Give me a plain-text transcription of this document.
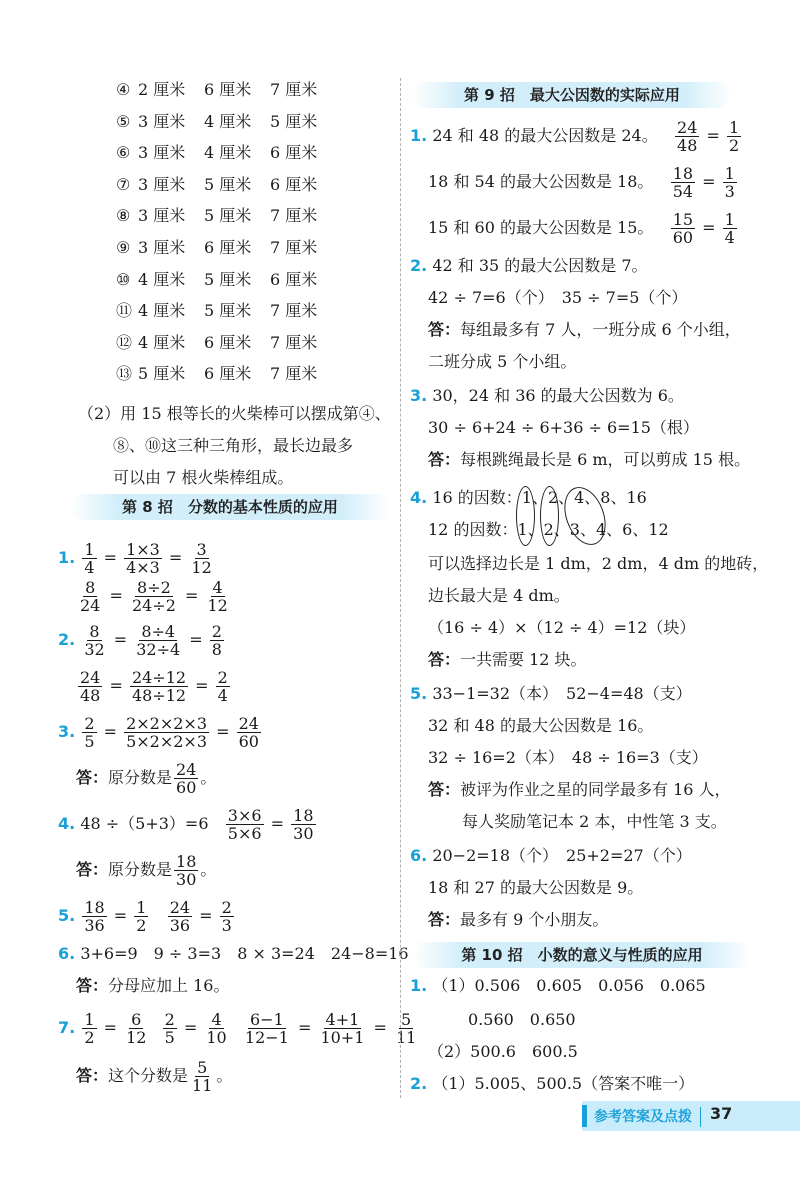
④ 2 厘米 6 厘米 7 厘米
⑤ 3 厘米 4 厘米 5 厘米
⑥ 3 厘米 4 厘米 6 厘米
⑦ 3 厘米 5 厘米 6 厘米
⑧ 3 厘米 5 厘米 7 厘米
⑨ 3 厘米 6 厘米 7 厘米
⑩ 4 厘米 5 厘米 6 厘米
⑪ 4 厘米 5 厘米 7 厘米
⑫ 4 厘米 6 厘米 7 厘米
⑬ 5 厘米 6 厘米 7 厘米
（2）用 15 根等长的火柴棒可以摆成第④、
⑧、⑩这三种三角形，最长边最多
可以由 7 根火柴棒组成。
第 8 招　分数的基本性质的应用
1. $\frac{1}{4} = \frac{1\times 3}{4\times 3} = \frac{3}{12}$
$\frac{8}{24} = \frac{8\div 2}{24\div 2} = \frac{4}{12}$
2. $\frac{8}{32} = \frac{8\div 4}{32\div 4} = \frac{2}{8}$
$\frac{24}{48} = \frac{24\div 12}{48\div 12} = \frac{2}{4}$
3. $\frac{2}{5} = \frac{2\times 2\times 2\times 3}{5\times 2\times 2\times 3} = \frac{24}{60}$
答：原分数是 $\frac{24}{60}$ 。
4. $48 \div(5+3)=6 \frac{3\times 6}{5\times 6} = \frac{18}{30}$
答：原分数是 $\frac{18}{30}$ 。
5. $\frac{18}{36} = \frac{1}{2}$
$\frac{24}{36} = \frac{2}{3}$
6. 3+6=9　9 ÷ 3=3　8 × 3=24　24−8=16
答：分母应加上 16。
7. $\frac{1}{2} = \frac{6}{12}$
$\frac{2}{5} = \frac{4}{10}$
$\frac{6-1}{12-1} = \frac{4+1}{10+1} = \frac{5}{11}$
答：这个分数是 $\frac{5}{11}$ 。
第 9 招　最大公因数的实际应用
1. 24 和 48 的最大公因数是 24。 $\frac{24}{48} = \frac{1}{2}$
18 和 54 的最大公因数是 18。 $\frac{18}{54} = \frac{1}{3}$
15 和 60 的最大公因数是 15。 $\frac{15}{60} = \frac{1}{4}$
2. 42 和 35 的最大公因数是 7。
42 ÷ 7=6（个）　35 ÷ 7=5（个）
答：每组最多有 7 人，一班分成 6 个小组，
二班分成 5 个小组。
3. 30，24 和 36 的最大公因数为 6。
30 ÷ 6+24 ÷ 6+36 ÷ 6=15（根）
答：每根跳绳最长是 6 m，可以剪成 15 根。
4. 16 的因数：1、2、4、8、16
12 的因数：1、2、3、4、6、12
可以选择边长是 1 dm，2 dm，4 dm 的地砖，
边长最大是 4 dm。
（16 ÷ 4）×（12 ÷ 4）=12（块）
答：一共需要 12 块。
5. 33−1=32（本）　52−4=48（支）
32 和 48 的最大公因数是 16。
32 ÷ 16=2（本）　48 ÷ 16=3（支）
答：被评为作业之星的同学最多有 16 人，
每人奖励笔记本 2 本，中性笔 3 支。
6. 20−2=18（个）　25+2=27（个）
18 和 27 的最大公因数是 9。
答：最多有 9 个小朋友。
第 10 招　小数的意义与性质的应用
1. （1）0.506　0.605　0.056　0.065
0.560　0.650
（2）500.6　600.5
2. （1）5.005、500.5（答案不唯一）
参考答案及点拨 37
